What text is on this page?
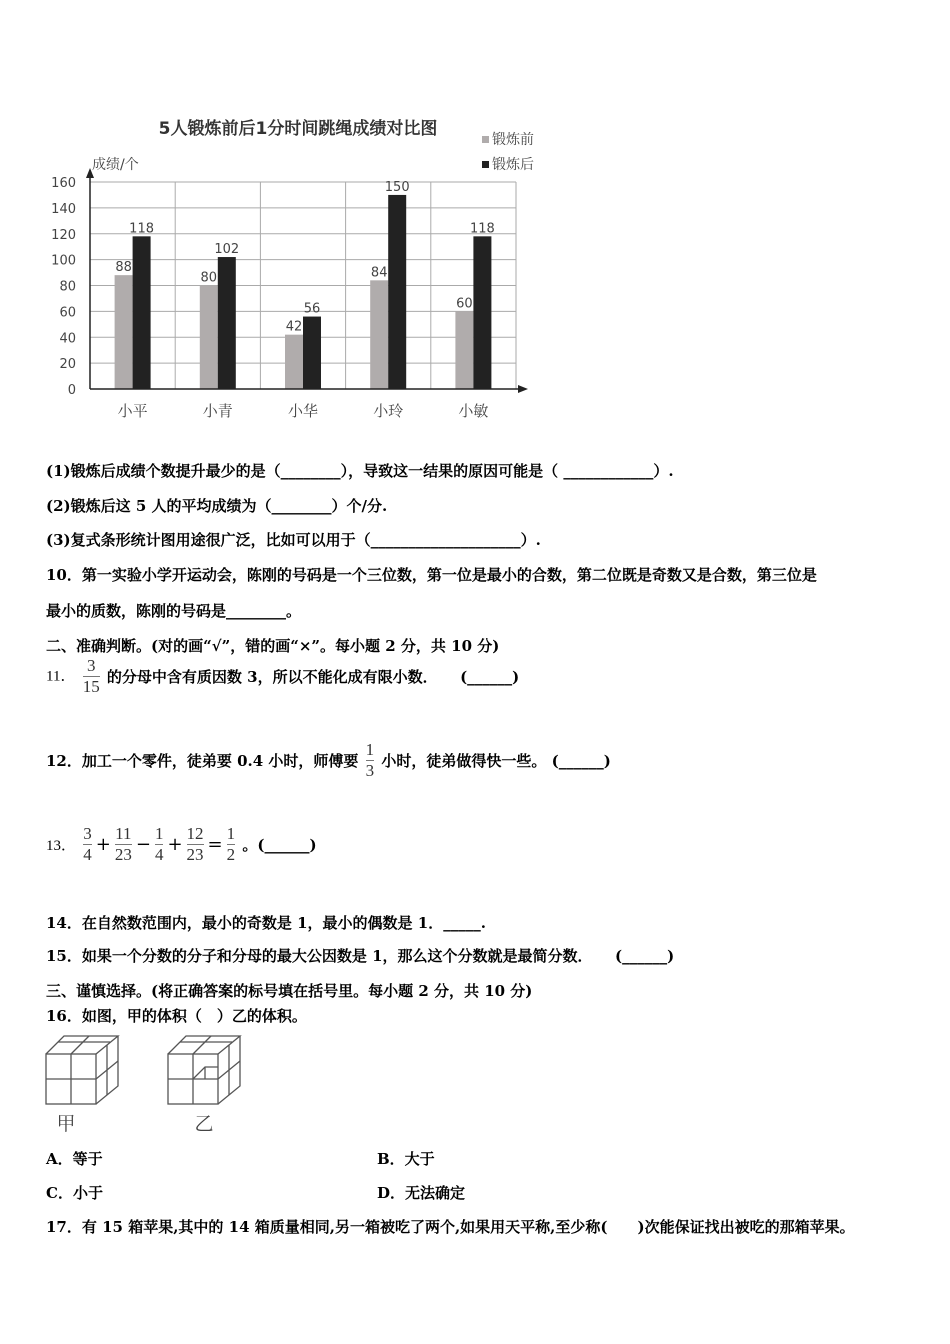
5人锻炼前后1分时间跳绳成绩对比图
成绩/个
0
20
40
60
80
100
120
140
160
88
118
80
102
42
56
84
150
60
118
小平	小青	小华	小玲	小敏
锻炼前
锻炼后
(1)锻炼后成绩个数提升最少的是（________），导致这一结果的原因可能是（ ____________）.
(2)锻炼后这 5 人的平均成绩为（________）个/分.
(3)复式条形统计图用途很广泛，比如可以用于（____________________）.
10．第一实验小学开运动会，陈刚的号码是一个三位数，第一位是最小的合数，第二位既是奇数又是合数，第三位是
最小的质数，陈刚的号码是________。
二、准确判断。(对的画“√”，错的画“×”。每小题 2 分，共 10 分)
11． $\frac{3}{15}$ 的分母中含有质因数 3，所以不能化成有限小数．　　(______)
12．加工一个零件，徒弟要 0.4 小时，师傅要 $\frac{1}{3}$ 小时，徒弟做得快一些。 (______)
13． $\frac{3}{4} + \frac{11}{23} - \frac{1}{4} + \frac{12}{23} = \frac{1}{2}$ 。(______)
14．在自然数范围内，最小的奇数是 1，最小的偶数是 1．_____.
15．如果一个分数的分子和分母的最大公因数是 1，那么这个分数就是最简分数．　　(______)
三、谨慎选择。(将正确答案的标号填在括号里。每小题 2 分，共 10 分)
16．如图，甲的体积（　）乙的体积。
甲	乙
A．等于	B．大于
C．小于	D．无法确定
17．有 15 箱苹果,其中的 14 箱质量相同,另一箱被吃了两个,如果用天平称,至少称(　　)次能保证找出被吃的那箱苹果。
